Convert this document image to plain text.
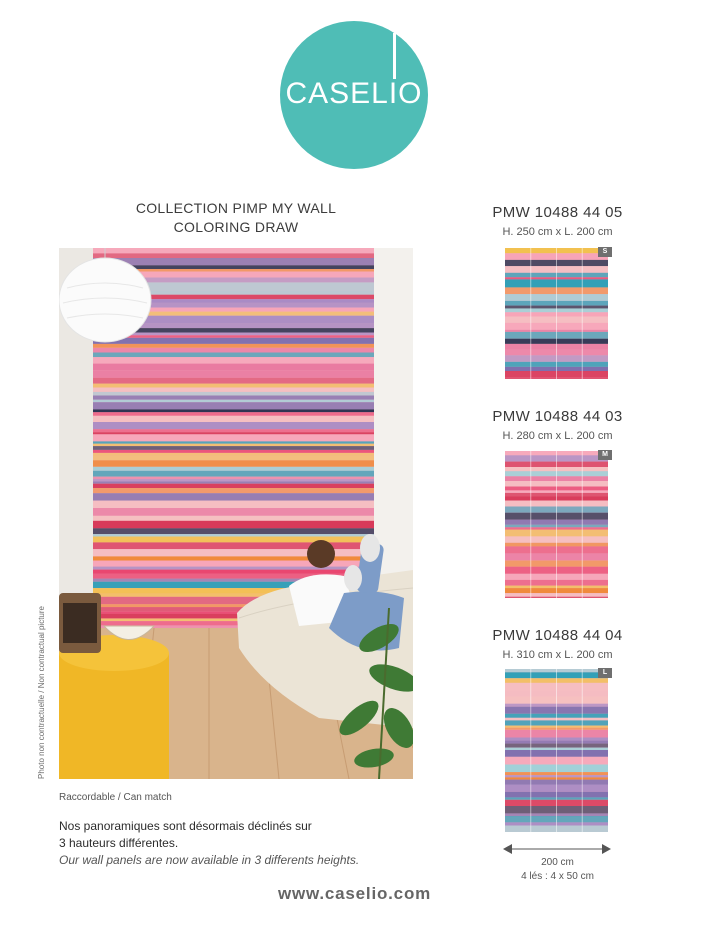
CASELIO
COLLECTION PIMP MY WALL
COLORING DRAW
Photo non contractuelle / Non contractual picture
Raccordable / Can match
Nos panoramiques sont désormais déclinés sur
3 hauteurs différentes.
Our wall panels are now available in 3 differents heights.
PMW 10488 44 05
H. 250 cm x L. 200 cm
S
PMW 10488 44 03
H. 280 cm x L. 200 cm
M
PMW 10488 44 04
H. 310 cm x L. 200 cm
L
200 cm
4 lés : 4 x 50 cm
www.caselio.com
